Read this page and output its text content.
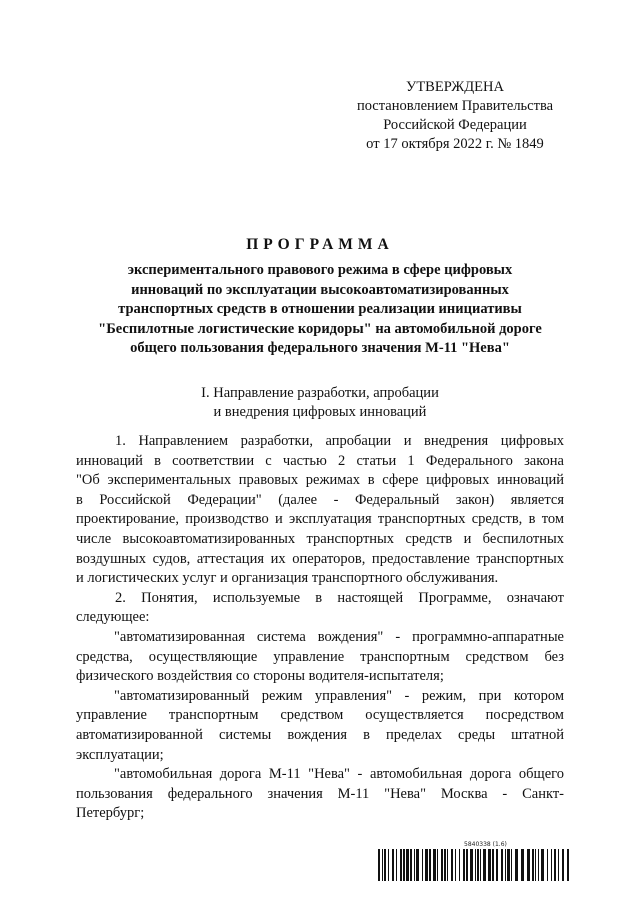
УТВЕРЖДЕНА
постановлением Правительства
Российской Федерации
от 17 октября 2022 г. № 1849
ПРОГРАММА
экспериментального правового режима в сфере цифровых
инноваций по эксплуатации высокоавтоматизированных
транспортных средств в отношении реализации инициативы
"Беспилотные логистические коридоры" на автомобильной дороге
общего пользования федерального значения М-11 "Нева"
I. Направление разработки, апробации
и внедрения цифровых инноваций
1. Направлением разработки, апробации и внедрения цифровых
инноваций в соответствии с частью 2 статьи 1 Федерального закона
"Об экспериментальных правовых режимах в сфере цифровых инноваций
в Российской Федерации" (далее - Федеральный закон) является
проектирование, производство и эксплуатация транспортных средств, в том
числе высокоавтоматизированных транспортных средств и беспилотных
воздушных судов, аттестация их операторов, предоставление транспортных
и логистических услуг и организация транспортного обслуживания.
2. Понятия, используемые в настоящей Программе, означают
следующее:
"автоматизированная система вождения" - программно-аппаратные
средства, осуществляющие управление транспортным средством без
физического воздействия со стороны водителя-испытателя;
"автоматизированный режим управления" - режим, при котором
управление транспортным средством осуществляется посредством
автоматизированной системы вождения в пределах среды штатной
эксплуатации;
"автомобильная дорога М-11 "Нева" - автомобильная дорога общего
пользования федерального значения М-11 "Нева" Москва - Санкт-
Петербург;
5840338 (1.6)
